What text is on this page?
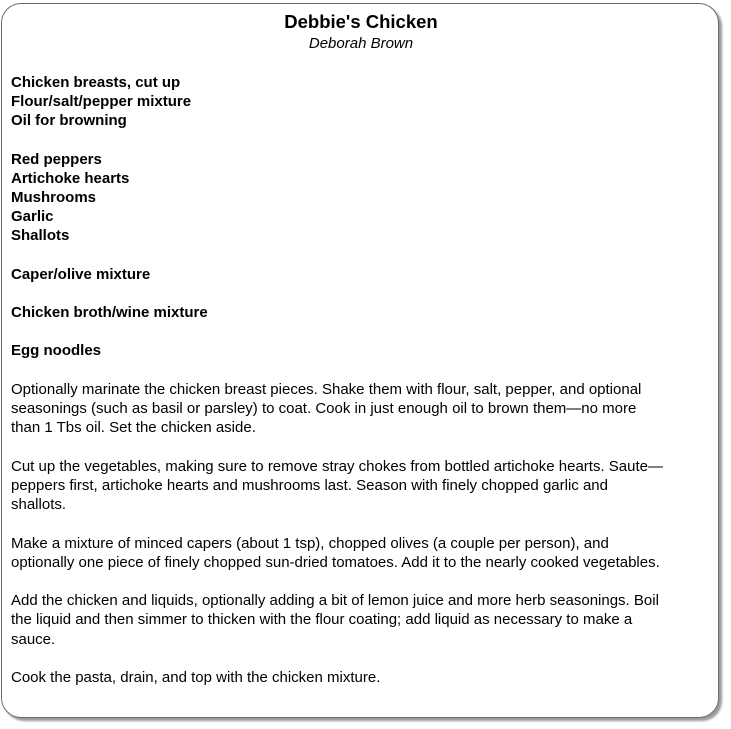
Debbie's Chicken
Deborah Brown
Chicken breasts, cut up
Flour/salt/pepper mixture
Oil for browning
Red peppers
Artichoke hearts
Mushrooms
Garlic
Shallots
Caper/olive mixture
Chicken broth/wine mixture
Egg noodles

Optionally marinate the chicken breast pieces. Shake them with flour, salt, pepper, and optional
seasonings (such as basil or parsley) to coat. Cook in just enough oil to brown them—no more
than 1 Tbs oil. Set the chicken aside.

Cut up the vegetables, making sure to remove stray chokes from bottled artichoke hearts. Saute—
peppers first, artichoke hearts and mushrooms last. Season with finely chopped garlic and
shallots.

Make a mixture of minced capers (about 1 tsp), chopped olives (a couple per person), and
optionally one piece of finely chopped sun-dried tomatoes. Add it to the nearly cooked vegetables.

Add the chicken and liquids, optionally adding a bit of lemon juice and more herb seasonings. Boil
the liquid and then simmer to thicken with the flour coating; add liquid as necessary to make a
sauce.

Cook the pasta, drain, and top with the chicken mixture.
